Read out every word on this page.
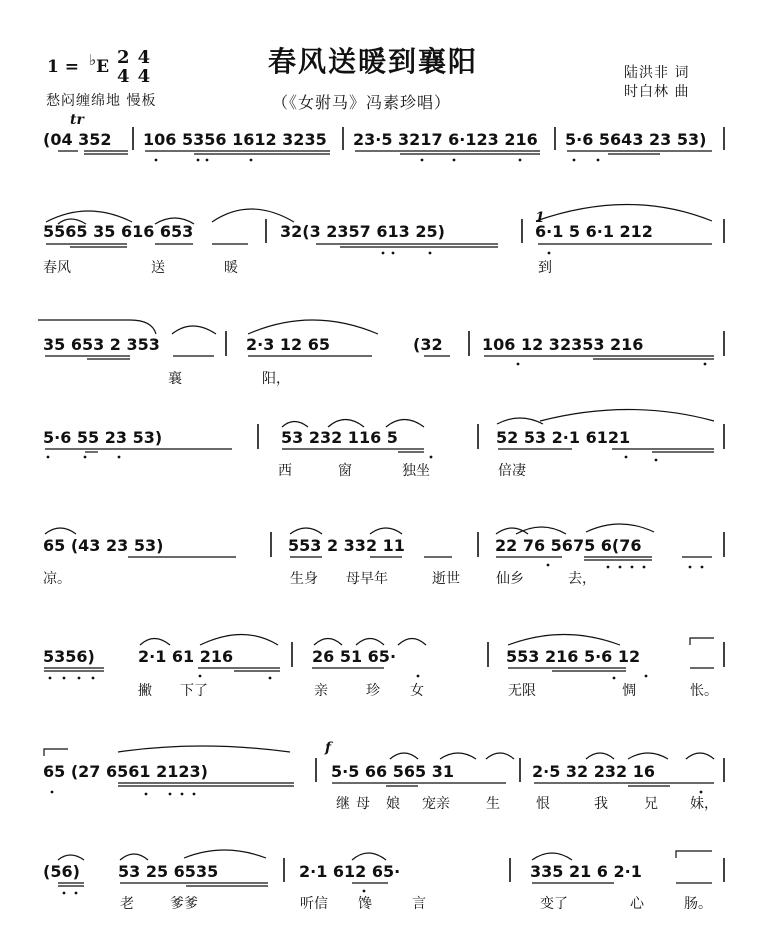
1 = ♭ E 2
4
4
4	春风送暖到襄阳
（《女驸马》冯素珍唱）
愁闷缠绵地 慢板
陆洪非 词
时白林 曲
tr
(04 352 106 5356 1612 3235 23·5 3217 6·123 216 5·6 5643 23 53)
5565 35 616 653	32(3 2357 613 25)
1
6·1 5 6·1 212
春风	送	暖	到
35 653 2 353	2·3 12 65	(32 106 12 32353 216
襄	阳，
5·6 55 23 53)	53 232 116 5	52 53 2·1 6121
西	窗	独坐	倍凄
65 (43 23 53)	553 2 332 11	22 76 5675 6(76
凉。	生身 母早年	逝世	仙乡	去，
5356)	2·1 61 216	26 51 65·	553 216 5·6 12
撇 下了	亲	珍 女	无限	惆	怅。
65 (27 6561 2123)
f
5·5 66 565 31	2·5 32 232 16
继 母 娘 宠亲	生	恨	我	兄 妹，
(56) 53 25 6535	2·1 612 65·	335 21 6 2·1
老	爹爹	听信 馋	言	变了	心	肠。
